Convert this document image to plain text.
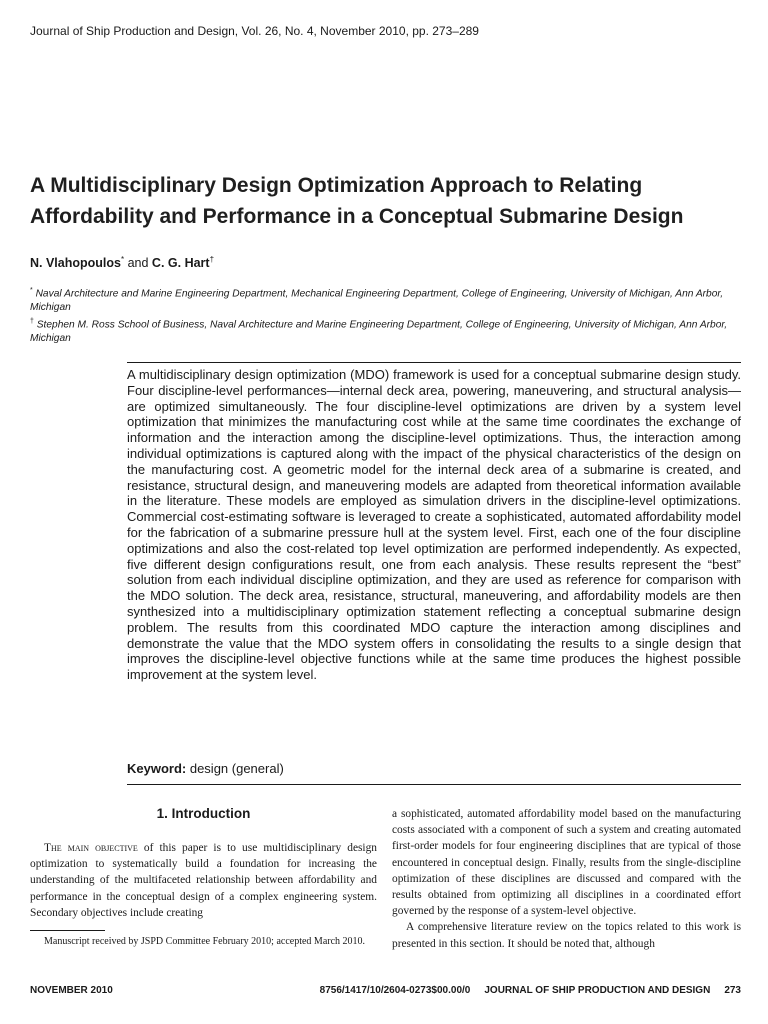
Journal of Ship Production and Design, Vol. 26, No. 4, November 2010, pp. 273–289
A Multidisciplinary Design Optimization Approach to Relating Affordability and Performance in a Conceptual Submarine Design
N. Vlahopoulos* and C. G. Hart†

* Naval Architecture and Marine Engineering Department, Mechanical Engineering Department, College of Engineering, University of Michigan, Ann Arbor, Michigan

† Stephen M. Ross School of Business, Naval Architecture and Marine Engineering Department, College of Engineering, University of Michigan, Ann Arbor, Michigan

A multidisciplinary design optimization (MDO) framework is used for a conceptual submarine design study. Four discipline-level performances—internal deck area, powering, maneuvering, and structural analysis—are optimized simultaneously. The four discipline-level optimizations are driven by a system level optimization that minimizes the manufacturing cost while at the same time coordinates the exchange of information and the interaction among the discipline-level optimizations. Thus, the interaction among individual optimizations is captured along with the impact of the physical characteristics of the design on the manufacturing cost. A geometric model for the internal deck area of a submarine is created, and resistance, structural design, and maneuvering models are adapted from theoretical information available in the literature. These models are employed as simulation drivers in the discipline-level optimizations. Commercial cost-estimating software is leveraged to create a sophisticated, automated affordability model for the fabrication of a submarine pressure hull at the system level. First, each one of the four discipline optimizations and also the cost-related top level optimization are performed independently. As expected, five different design configurations result, one from each analysis. These results represent the “best” solution from each individual discipline optimization, and they are used as reference for comparison with the MDO solution. The deck area, resistance, structural, maneuvering, and affordability models are then synthesized into a multidisciplinary optimization statement reflecting a conceptual submarine design problem. The results from this coordinated MDO capture the interaction among disciplines and demonstrate the value that the MDO system offers in consolidating the results to a single design that improves the discipline-level objective functions while at the same time produces the highest possible improvement at the system level.
Keyword: design (general)
1. Introduction

The main objective of this paper is to use multidisciplinary design optimization to systematically build a foundation for increasing the understanding of the multifaceted relationship between affordability and performance in the conceptual design of a complex engineering system. Secondary objectives include creating

Manuscript received by JSPD Committee February 2010; accepted March 2010.

a sophisticated, automated affordability model based on the manufacturing costs associated with a component of such a system and creating automated first-order models for four engineering disciplines that are typical of those encountered in conceptual design. Finally, results from the single-discipline optimization of these disciplines are discussed and compared with the results obtained from optimizing all disciplines in a coordinated effort governed by the response of a system-level objective.

A comprehensive literature review on the topics related to this work is presented in this section. It should be noted that, although

NOVEMBER 2010	8756/1417/10/2604-0273$00.00/0 JOURNAL OF SHIP PRODUCTION AND DESIGN 273
